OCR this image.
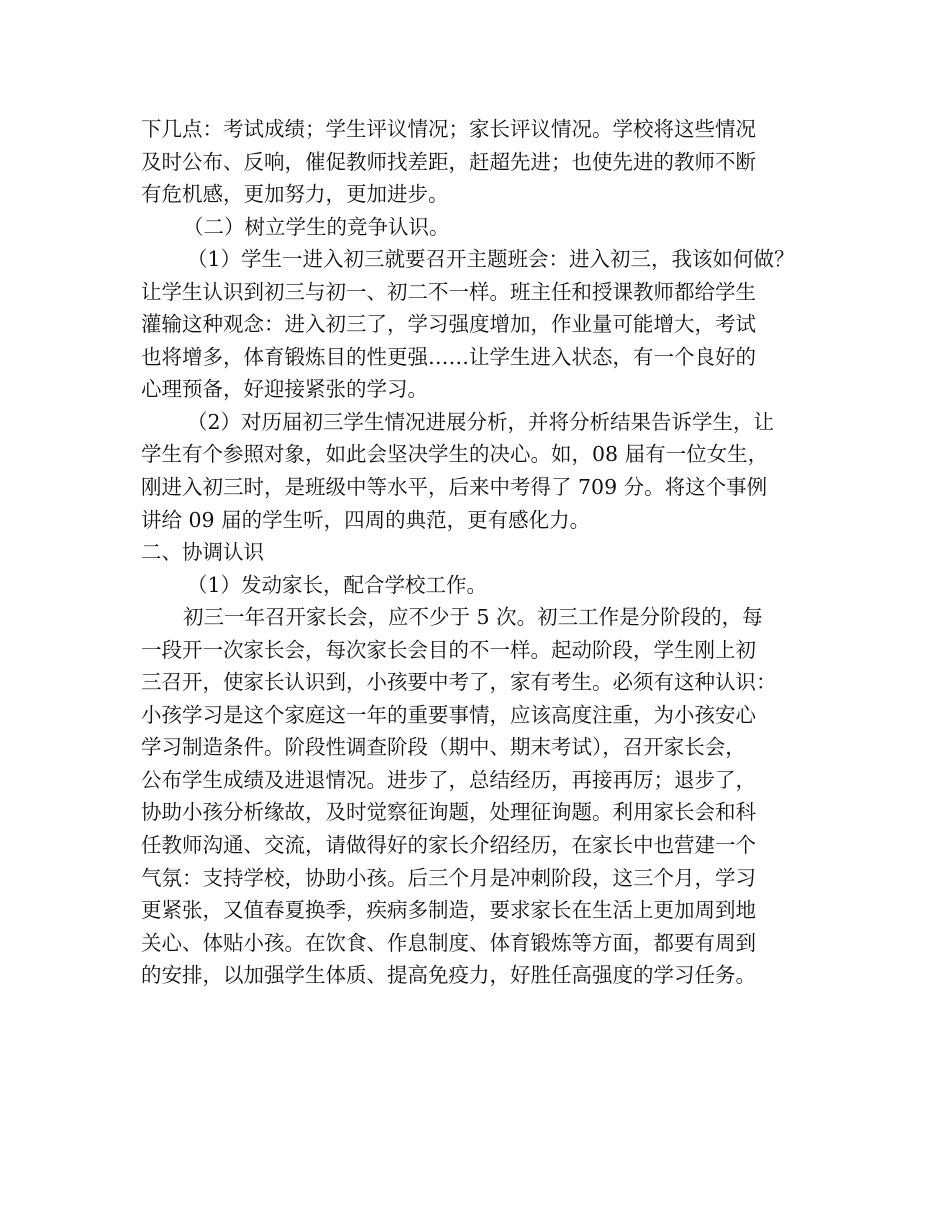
下几点：考试成绩；学生评议情况；家长评议情况。学校将这些情况
及时公布、反响，催促教师找差距，赶超先进；也使先进的教师不断
有危机感，更加努力，更加进步。
（二）树立学生的竞争认识。
（1）学生一进入初三就要召开主题班会：进入初三，我该如何做？
让学生认识到初三与初一、初二不一样。班主任和授课教师都给学生
灌输这种观念：进入初三了，学习强度增加，作业量可能增大，考试
也将增多，体育锻炼目的性更强……让学生进入状态，有一个良好的
心理预备，好迎接紧张的学习。
（2）对历届初三学生情况进展分析，并将分析结果告诉学生，让
学生有个参照对象，如此会坚决学生的决心。如，08 届有一位女生，
刚进入初三时，是班级中等水平，后来中考得了 709 分。将这个事例
讲给 09 届的学生听，四周的典范，更有感化力。
二、协调认识
（1）发动家长，配合学校工作。
初三一年召开家长会，应不少于 5 次。初三工作是分阶段的，每
一段开一次家长会，每次家长会目的不一样。起动阶段，学生刚上初
三召开，使家长认识到，小孩要中考了，家有考生。必须有这种认识：
小孩学习是这个家庭这一年的重要事情，应该高度注重，为小孩安心
学习制造条件。阶段性调查阶段（期中、期末考试），召开家长会，
公布学生成绩及进退情况。进步了，总结经历，再接再厉；退步了，
协助小孩分析缘故，及时觉察征询题，处理征询题。利用家长会和科
任教师沟通、交流，请做得好的家长介绍经历，在家长中也营建一个
气氛：支持学校，协助小孩。后三个月是冲刺阶段，这三个月，学习
更紧张，又值春夏换季，疾病多制造，要求家长在生活上更加周到地
关心、体贴小孩。在饮食、作息制度、体育锻炼等方面，都要有周到
的安排，以加强学生体质、提高免疫力，好胜任高强度的学习任务。
